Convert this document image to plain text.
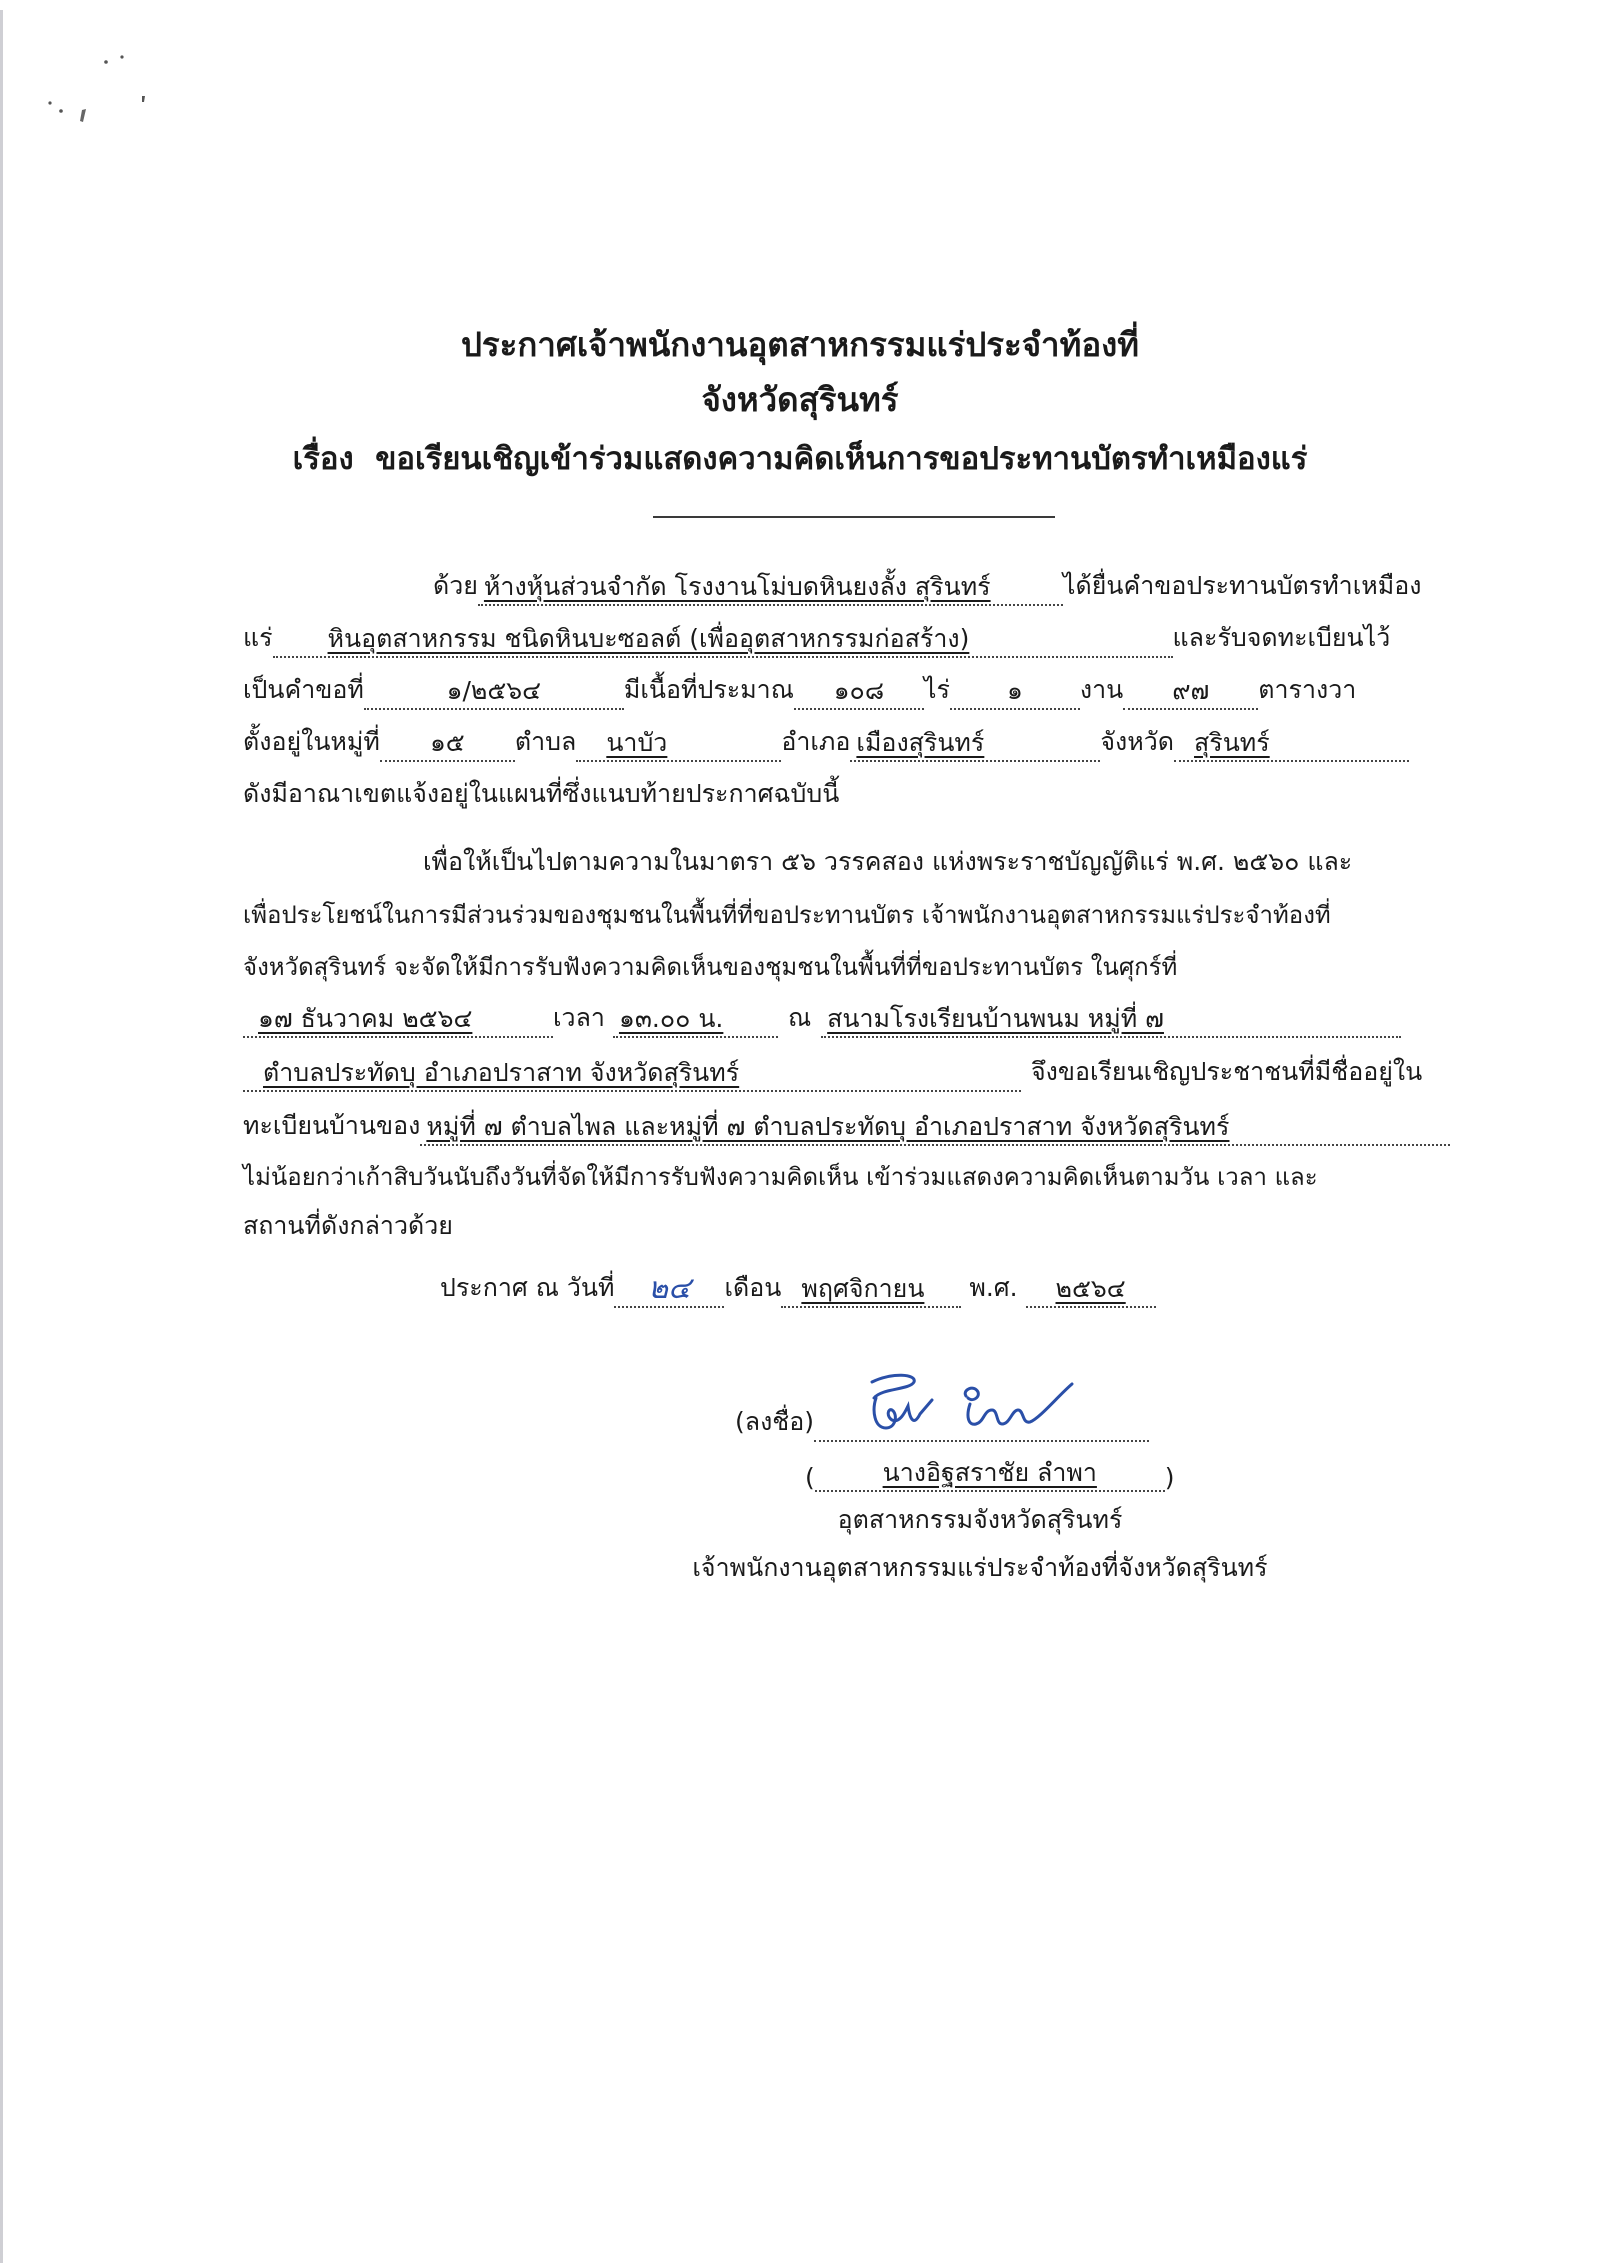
ประกาศเจ้าพนักงานอุตสาหกรรมแร่ประจำท้องที่
จังหวัดสุรินทร์
เรื่อง ขอเรียนเชิญเข้าร่วมแสดงความคิดเห็นการขอประทานบัตรทำเหมืองแร่
ด้วย ห้างหุ้นส่วนจำกัด โรงงานโม่บดหินยงลั้ง สุรินทร์	ได้ยื่นคำขอประทานบัตรทำเหมือง
แร่	หินอุตสาหกรรม ชนิดหินบะซอลต์ (เพื่ออุตสาหกรรมก่อสร้าง)	และรับจดทะเบียนไว้
เป็นคำขอที่	๑/๒๕๖๔	มีเนื้อที่ประมาณ	๑๐๘	ไร่	๑	งาน	๙๗	ตารางวา
ตั้งอยู่ในหมู่ที่	๑๕	ตำบล	นาบัว	อำเภอ เมืองสุรินทร์	จังหวัด สุรินทร์
ดังมีอาณาเขตแจ้งอยู่ในแผนที่ซึ่งแนบท้ายประกาศฉบับนี้
เพื่อให้เป็นไปตามความในมาตรา ๕๖ วรรคสอง แห่งพระราชบัญญัติแร่ พ.ศ. ๒๕๖๐ และ
เพื่อประโยชน์ในการมีส่วนร่วมของชุมชนในพื้นที่ที่ขอประทานบัตร เจ้าพนักงานอุตสาหกรรมแร่ประจำท้องที่
จังหวัดสุรินทร์ จะจัดให้มีการรับฟังความคิดเห็นของชุมชนในพื้นที่ที่ขอประทานบัตร ในศุกร์ที่
๑๗ ธันวาคม ๒๕๖๔	เวลา ๑๓.๐๐ น.	ณ สนามโรงเรียนบ้านพนม หมู่ที่ ๗
ตำบลประทัดบุ อำเภอปราสาท จังหวัดสุรินทร์	จึงขอเรียนเชิญประชาชนที่มีชื่ออยู่ใน
ทะเบียนบ้านของ หมู่ที่ ๗ ตำบลไพล และหมู่ที่ ๗ ตำบลประทัดบุ อำเภอปราสาท จังหวัดสุรินทร์
ไม่น้อยกว่าเก้าสิบวันนับถึงวันที่จัดให้มีการรับฟังความคิดเห็น เข้าร่วมแสดงความคิดเห็นตามวัน เวลา และ
สถานที่ดังกล่าวด้วย
ประกาศ ณ วันที่	๒๔	เดือน พฤศจิกายน	พ.ศ.	๒๕๖๔
(ลงชื่อ)
(	นางอิฐสราชัย ลำพา	)
อุตสาหกรรมจังหวัดสุรินทร์
เจ้าพนักงานอุตสาหกรรมแร่ประจำท้องที่จังหวัดสุรินทร์
